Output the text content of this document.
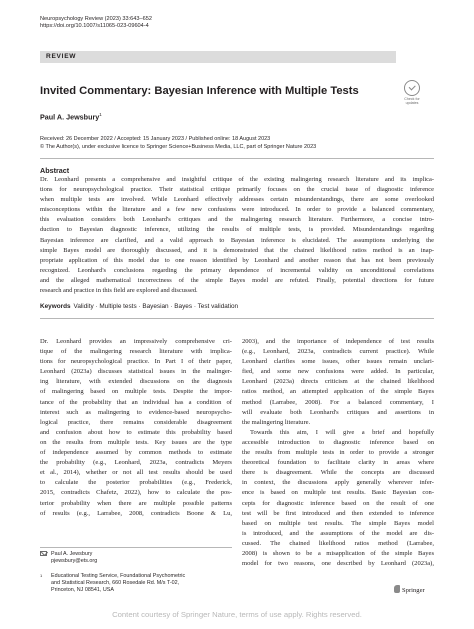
Neuropsychology Review (2023) 33:643–652
https://doi.org/10.1007/s11065-023-09604-4
REVIEW
Check for
updates
Invited Commentary: Bayesian Inference with Multiple Tests
Paul A. Jewsbury$^1$
Received: 26 December 2022 / Accepted: 15 January 2023 / Published online: 18 August 2023
© The Author(s), under exclusive licence to Springer Science+Business Media, LLC, part of Springer Nature 2023
Abstract
Dr. Leonhard presents a comprehensive and insightful critique of the existing malingering research literature and its implica-
tions for neuropsychological practice. Their statistical critique primarily focuses on the crucial issue of diagnostic inference
when multiple tests are involved. While Leonhard effectively addresses certain misunderstandings, there are some overlooked
misconceptions within the literature and a few new confusions were introduced. In order to provide a balanced commentary,
this evaluation considers both Leonhard's critiques and the malingering research literature. Furthermore, a concise intro-
duction to Bayesian diagnostic inference, utilizing the results of multiple tests, is provided. Misunderstandings regarding
Bayesian inference are clarified, and a valid approach to Bayesian inference is elucidated. The assumptions underlying the
simple Bayes model are thoroughly discussed, and it is demonstrated that the chained likelihood ratios method is an inap-
propriate application of this model due to one reason identified by Leonhard and another reason that has not been previously
recognized. Leonhard's conclusions regarding the primary dependence of incremental validity on unconditional correlations
and the alleged mathematical incorrectness of the simple Bayes model are refuted. Finally, potential directions for future
research and practice in this field are explored and discussed.
Keywords Validity · Multiple tests · Bayesian · Bayes · Test validation
Dr. Leonhard provides an impressively comprehensive cri-
tique of the malingering research literature with implica-
tions for neuropsychological practice. In Part I of their paper,
Leonhard (2023a) discusses statistical issues in the malinger-
ing literature, with extended discussions on the diagnosis
of malingering based on multiple tests. Despite the impor-
tance of the probability that an individual has a condition of
interest such as malingering to evidence-based neuropsycho-
logical practice, there remains considerable disagreement
and confusion about how to estimate this probability based
on the results from multiple tests. Key issues are the type
of independence assumed by common methods to estimate
the probability (e.g., Leonhard, 2023a, contradicts Meyers
et al., 2014), whether or not all test results should be used
to calculate the posterior probabilities (e.g., Frederick,
2015, contradicts Chafetz, 2022), how to calculate the pos-
terior probability when there are multiple possible patterns
of results (e.g., Larrabee, 2008, contradicts Boone & Lu,
2003), and the importance of independence of test results
(e.g., Leonhard, 2023a, contradicts current practice). While
Leonhard clarifies some issues, other issues remain unclari-
fied, and some new confusions were added. In particular,
Leonhard (2023a) directs criticism at the chained likelihood
ratios method, an attempted application of the simple Bayes
method (Larrabee, 2008). For a balanced commentary, I
will evaluate both Leonhard's critiques and assertions in
the malingering literature.
Towards this aim, I will give a brief and hopefully
accessible introduction to diagnostic inference based on
the results from multiple tests in order to provide a stronger
theoretical foundation to facilitate clarity in areas where
there is disagreement. While the concepts are discussed
in context, the discussions apply generally wherever infer-
ence is based on multiple test results. Basic Bayesian con-
cepts for diagnostic inference based on the result of one
test will be first introduced and then extended to inference
based on multiple test results. The simple Bayes model
is introduced, and the assumptions of the model are dis-
cussed. The chained likelihood ratios method (Larrabee,
2008) is shown to be a misapplication of the simple Bayes
model for two reasons, one described by Leonhard (2023a),
Paul A. Jewsbury
pjewsbury@ets.org
1	Educational Testing Service, Foundational Psychometric
and Statistical Research, 660 Rosedale Rd. M/s T-02,
Princeton, NJ 08541, USA	Springer
Content courtesy of Springer Nature, terms of use apply. Rights reserved.
